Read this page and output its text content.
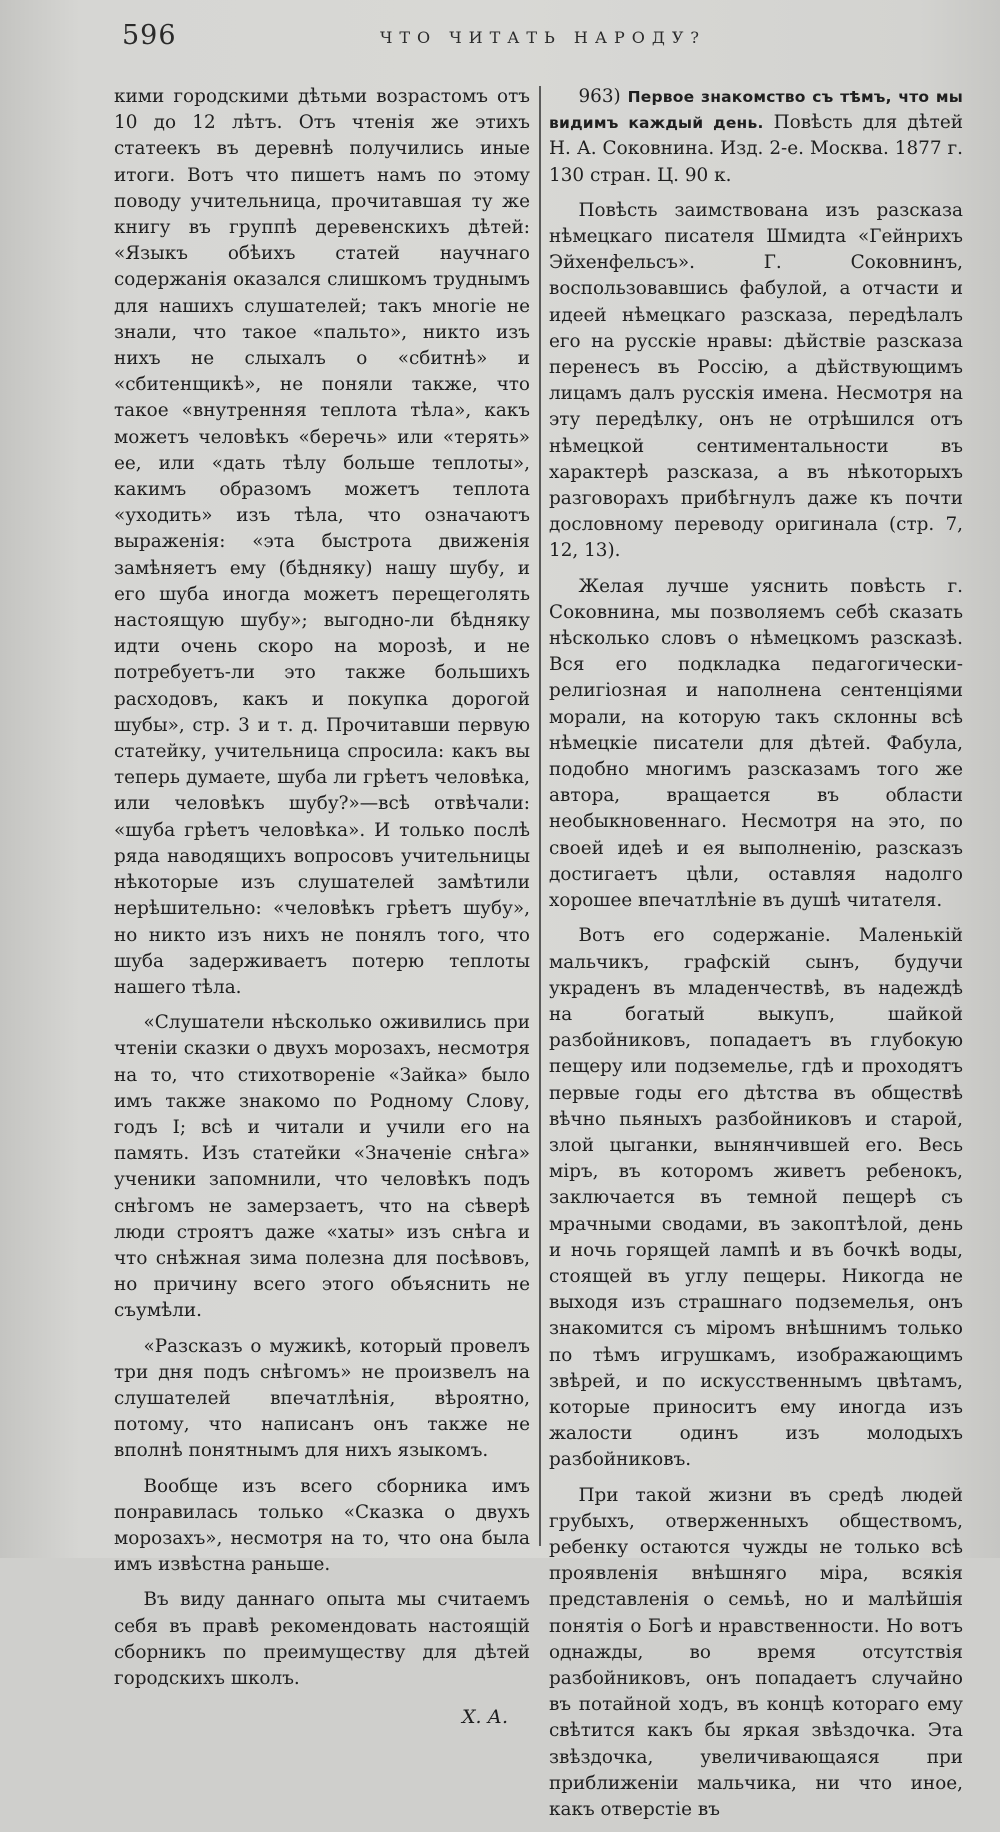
596	ЧТО ЧИТАТЬ НАРОДУ?

кими городскими дѣтьми возрастомъ отъ 10 до 12 лѣтъ. Отъ чтенія же этихъ статеекъ въ деревнѣ получились иные итоги. Вотъ что пишетъ намъ по этому поводу учительница, прочитавшая ту же книгу въ группѣ деревенскихъ дѣтей: «Языкъ обѣихъ статей научнаго содержанія оказался слишкомъ труднымъ для нашихъ слушателей; такъ многіе не знали, что такое «пальто», никто изъ нихъ не слыхалъ о «сбитнѣ» и «сбитенщикѣ», не поняли также, что такое «внутренняя теплота тѣла», какъ можетъ человѣкъ «беречь» или «терять» ее, или «дать тѣлу больше теплоты», какимъ образомъ можетъ теплота «уходить» изъ тѣла, что означаютъ выраженія: «эта быстрота движенія замѣняетъ ему (бѣдняку) нашу шубу, и его шуба иногда можетъ перещеголять настоящую шубу»; выгодно-ли бѣдняку идти очень скоро на морозѣ, и не потребуетъ-ли это также большихъ расходовъ, какъ и покупка дорогой шубы», стр. 3 и т. д. Прочитавши первую статейку, учительница спросила: какъ вы теперь думаете, шуба ли грѣетъ человѣка, или человѣкъ шубу?»—всѣ отвѣчали: «шуба грѣетъ человѣка». И только послѣ ряда наводящихъ вопросовъ учительницы нѣкоторые изъ слушателей замѣтили нерѣшительно: «человѣкъ грѣетъ шубу», но никто изъ нихъ не понялъ того, что шуба задерживаетъ потерю теплоты нашего тѣла.

«Слушатели нѣсколько оживились при чтеніи сказки о двухъ морозахъ, несмотря на то, что стихотвореніе «Зайка» было имъ также знакомо по Родному Слову, годъ I; всѣ и читали и учили его на память. Изъ статейки «Значеніе снѣга» ученики запомнили, что человѣкъ подъ снѣгомъ не замерзаетъ, что на сѣверѣ люди строятъ даже «хаты» изъ снѣга и что снѣжная зима полезна для посѣвовъ, но причину всего этого объяснить не съумѣли.

«Разсказъ о мужикѣ, который провелъ три дня подъ снѣгомъ» не произвелъ на слушателей впечатлѣнія, вѣроятно, потому, что написанъ онъ также не вполнѣ понятнымъ для нихъ языкомъ.

Вообще изъ всего сборника имъ понравилась только «Сказка о двухъ морозахъ», несмотря на то, что она была имъ извѣстна раньше.

Въ виду даннаго опыта мы считаемъ себя въ правѣ рекомендовать настоящій сборникъ по преимуществу для дѣтей городскихъ школъ.

Х. А.

963) Первое знакомство съ тѣмъ, что мы видимъ каждый день. Повѣсть для дѣтей Н. А. Соковнина. Изд. 2-е. Москва. 1877 г. 130 стран. Ц. 90 к.

Повѣсть заимствована изъ разсказа нѣмецкаго писателя Шмидта «Гейнрихъ Эйхенфельсъ». Г. Соковнинъ, воспользовавшись фабулой, а отчасти и идеей нѣмецкаго разсказа, передѣлалъ его на русскіе нравы: дѣйствіе разсказа перенесъ въ Россію, а дѣйствующимъ лицамъ далъ русскія имена. Несмотря на эту передѣлку, онъ не отрѣшился отъ нѣмецкой сентиментальности въ характерѣ разсказа, а въ нѣкоторыхъ разговорахъ прибѣгнулъ даже къ почти дословному переводу оригинала (стр. 7, 12, 13).

Желая лучше уяснить повѣсть г. Соковнина, мы позволяемъ себѣ сказать нѣсколько словъ о нѣмецкомъ разсказѣ. Вся его подкладка педагогически-религіозная и наполнена сентенціями морали, на которую такъ склонны всѣ нѣмецкіе писатели для дѣтей. Фабула, подобно многимъ разсказамъ того же автора, вращается въ области необыкновеннаго. Несмотря на это, по своей идеѣ и ея выполненію, разсказъ достигаетъ цѣли, оставляя надолго хорошее впечатлѣніе въ душѣ читателя.

Вотъ его содержаніе. Маленькій мальчикъ, графскій сынъ, будучи украденъ въ младенчествѣ, въ надеждѣ на богатый выкупъ, шайкой разбойниковъ, попадаетъ въ глубокую пещеру или подземелье, гдѣ и проходятъ первые годы его дѣтства въ обществѣ вѣчно пьяныхъ разбойниковъ и старой, злой цыганки, вынянчившей его. Весь міръ, въ которомъ живетъ ребенокъ, заключается въ темной пещерѣ съ мрачными сводами, въ закоптѣлой, день и ночь горящей лампѣ и въ бочкѣ воды, стоящей въ углу пещеры. Никогда не выходя изъ страшнаго подземелья, онъ знакомится съ міромъ внѣшнимъ только по тѣмъ игрушкамъ, изображающимъ звѣрей, и по искусственнымъ цвѣтамъ, которые приноситъ ему иногда изъ жалости одинъ изъ молодыхъ разбойниковъ.

При такой жизни въ средѣ людей грубыхъ, отверженныхъ обществомъ, ребенку остаются чужды не только всѣ проявленія внѣшняго міра, всякія представленія о семьѣ, но и малѣйшія понятія о Богѣ и нравственности. Но вотъ однажды, во время отсутствія разбойниковъ, онъ попадаетъ случайно въ потайной ходъ, въ концѣ котораго ему свѣтится какъ бы яркая звѣздочка. Эта звѣздочка, увеличивающаяся при приближеніи мальчика, ни что иное, какъ отверстіе въ
